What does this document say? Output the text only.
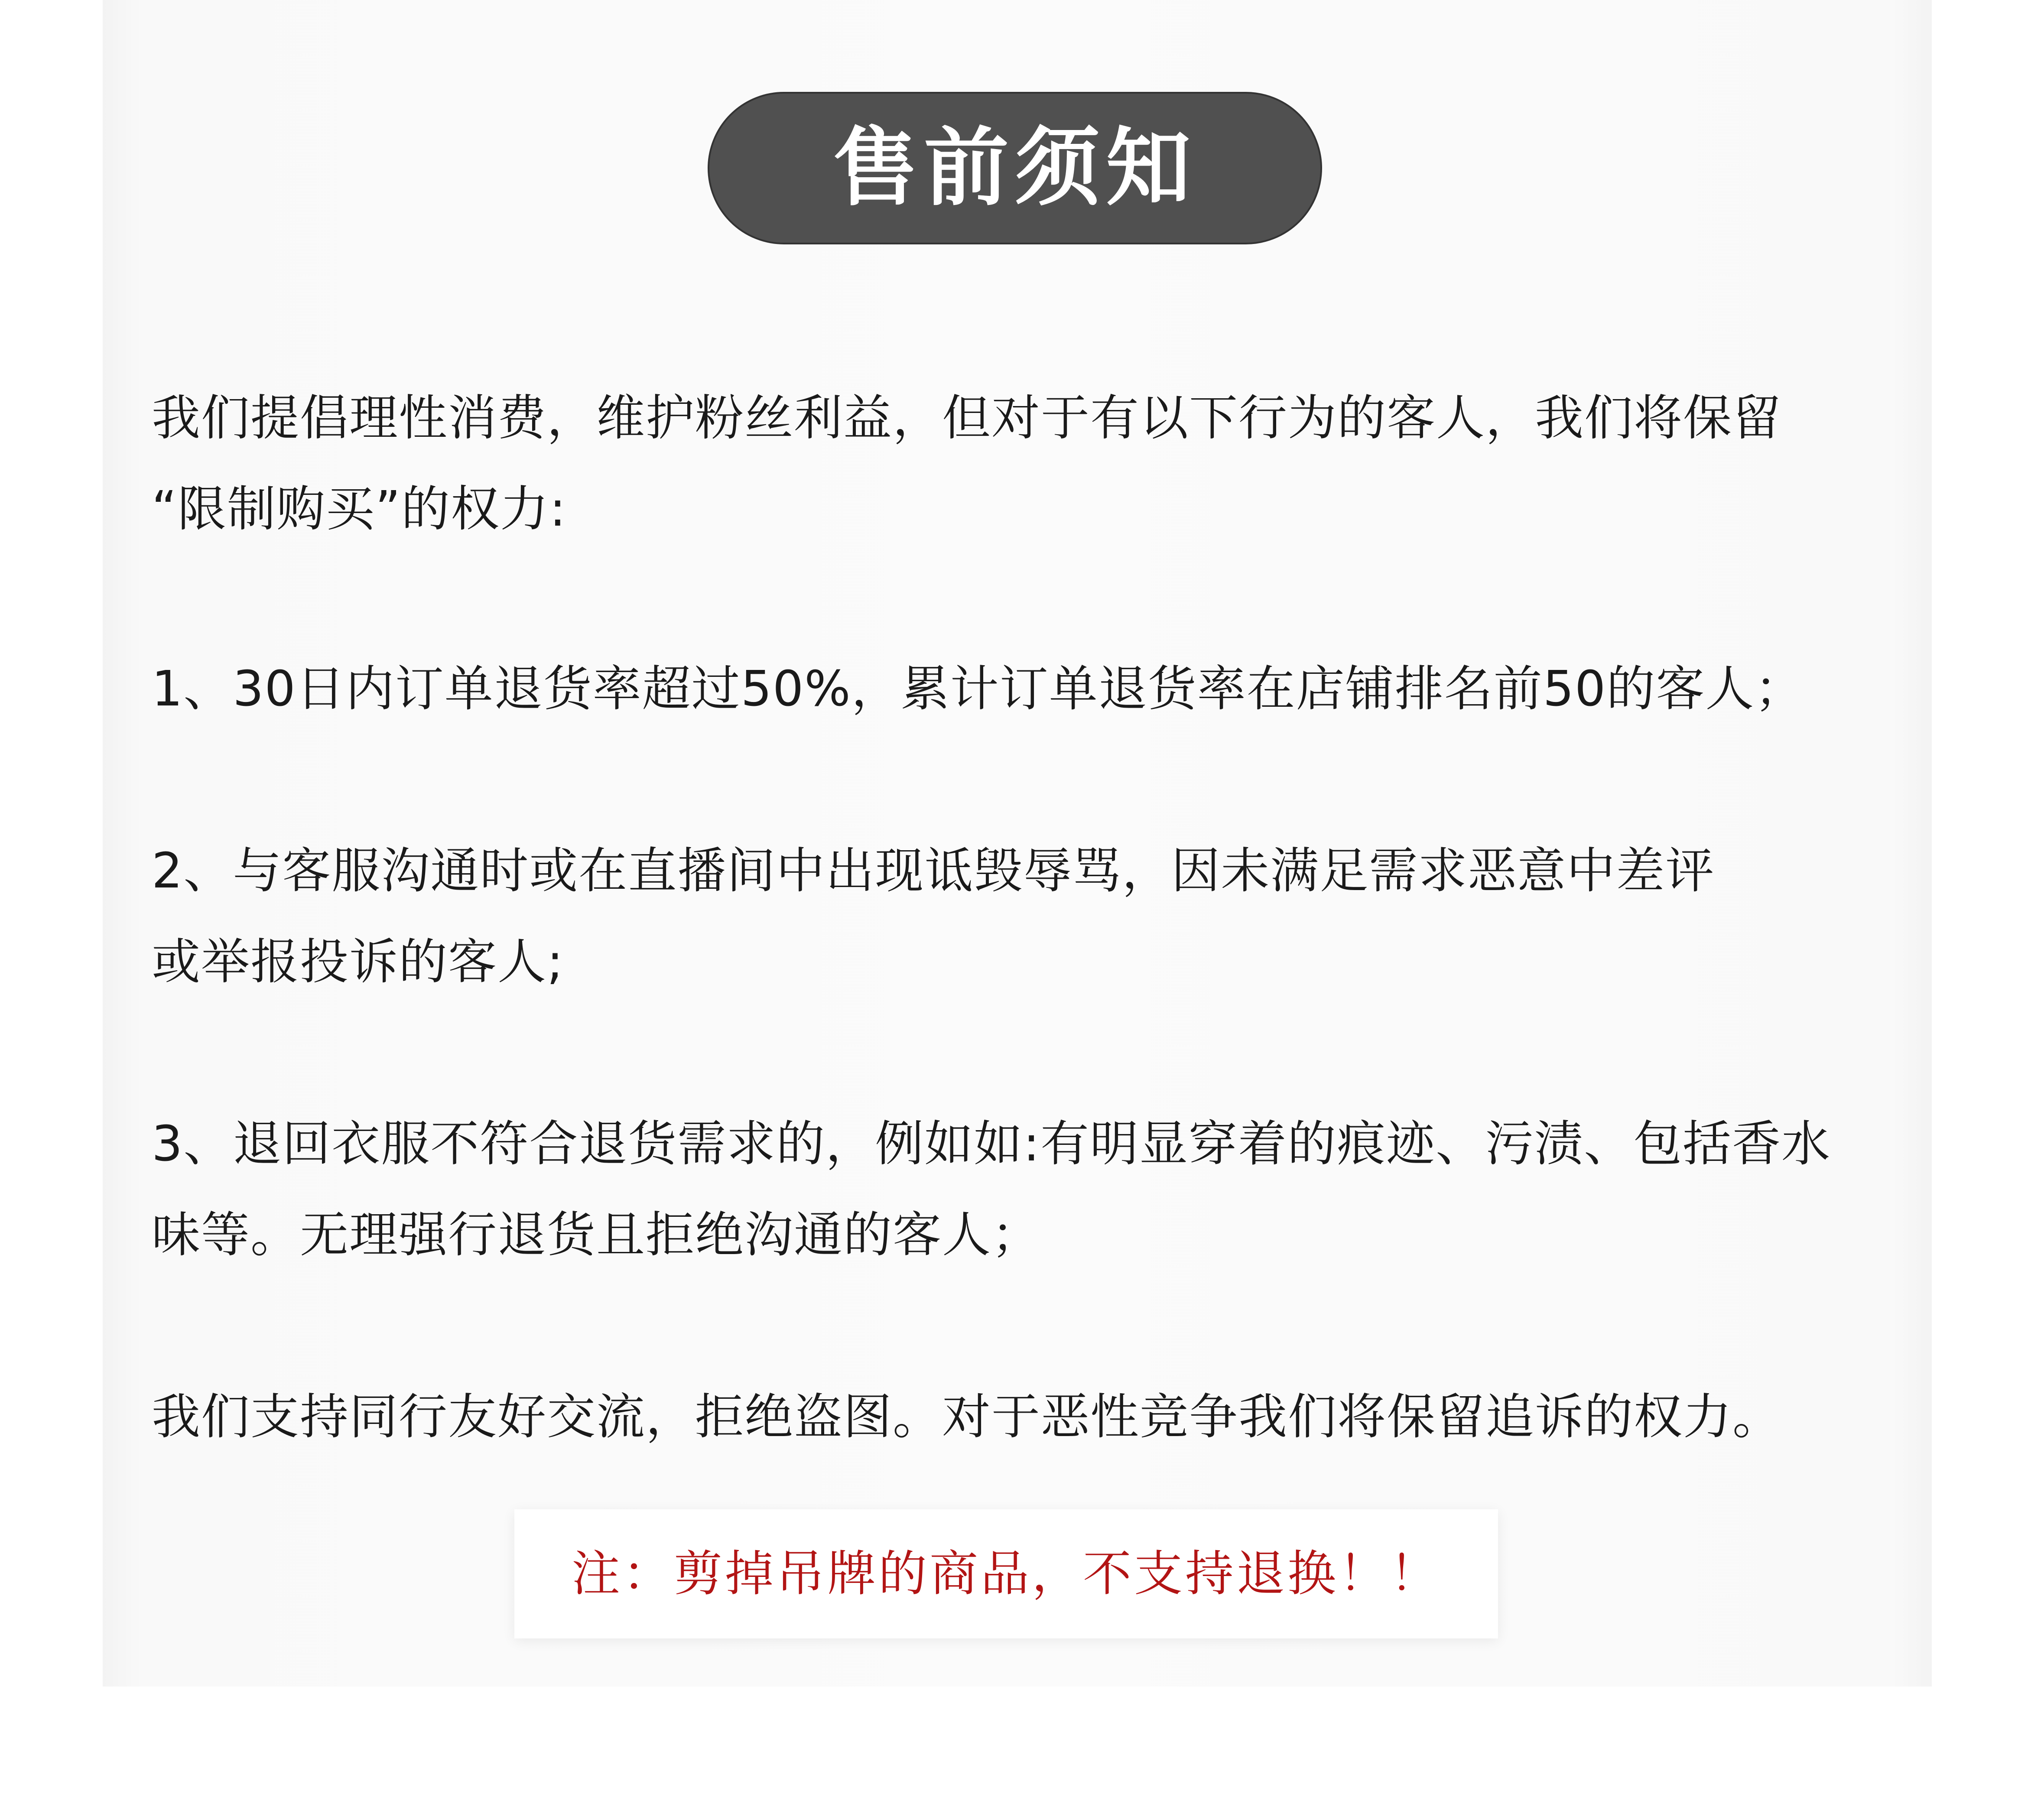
售前须知
我们提倡理性消费，维护粉丝利益，但对于有以下行为的客人，我们将保留
“限制购买”的权力:
1、30日内订单退货率超过50%，累计订单退货率在店铺排名前50的客人；
2、与客服沟通时或在直播间中出现诋毁辱骂，因未满足需求恶意中差评
或举报投诉的客人;
3、退回衣服不符合退货需求的，例如如:有明显穿着的痕迹、污渍、包括香水
味等。无理强行退货且拒绝沟通的客人；
我们支持同行友好交流，拒绝盗图。对于恶性竞争我们将保留追诉的权力。
注：剪掉吊牌的商品，不支持退换！！
